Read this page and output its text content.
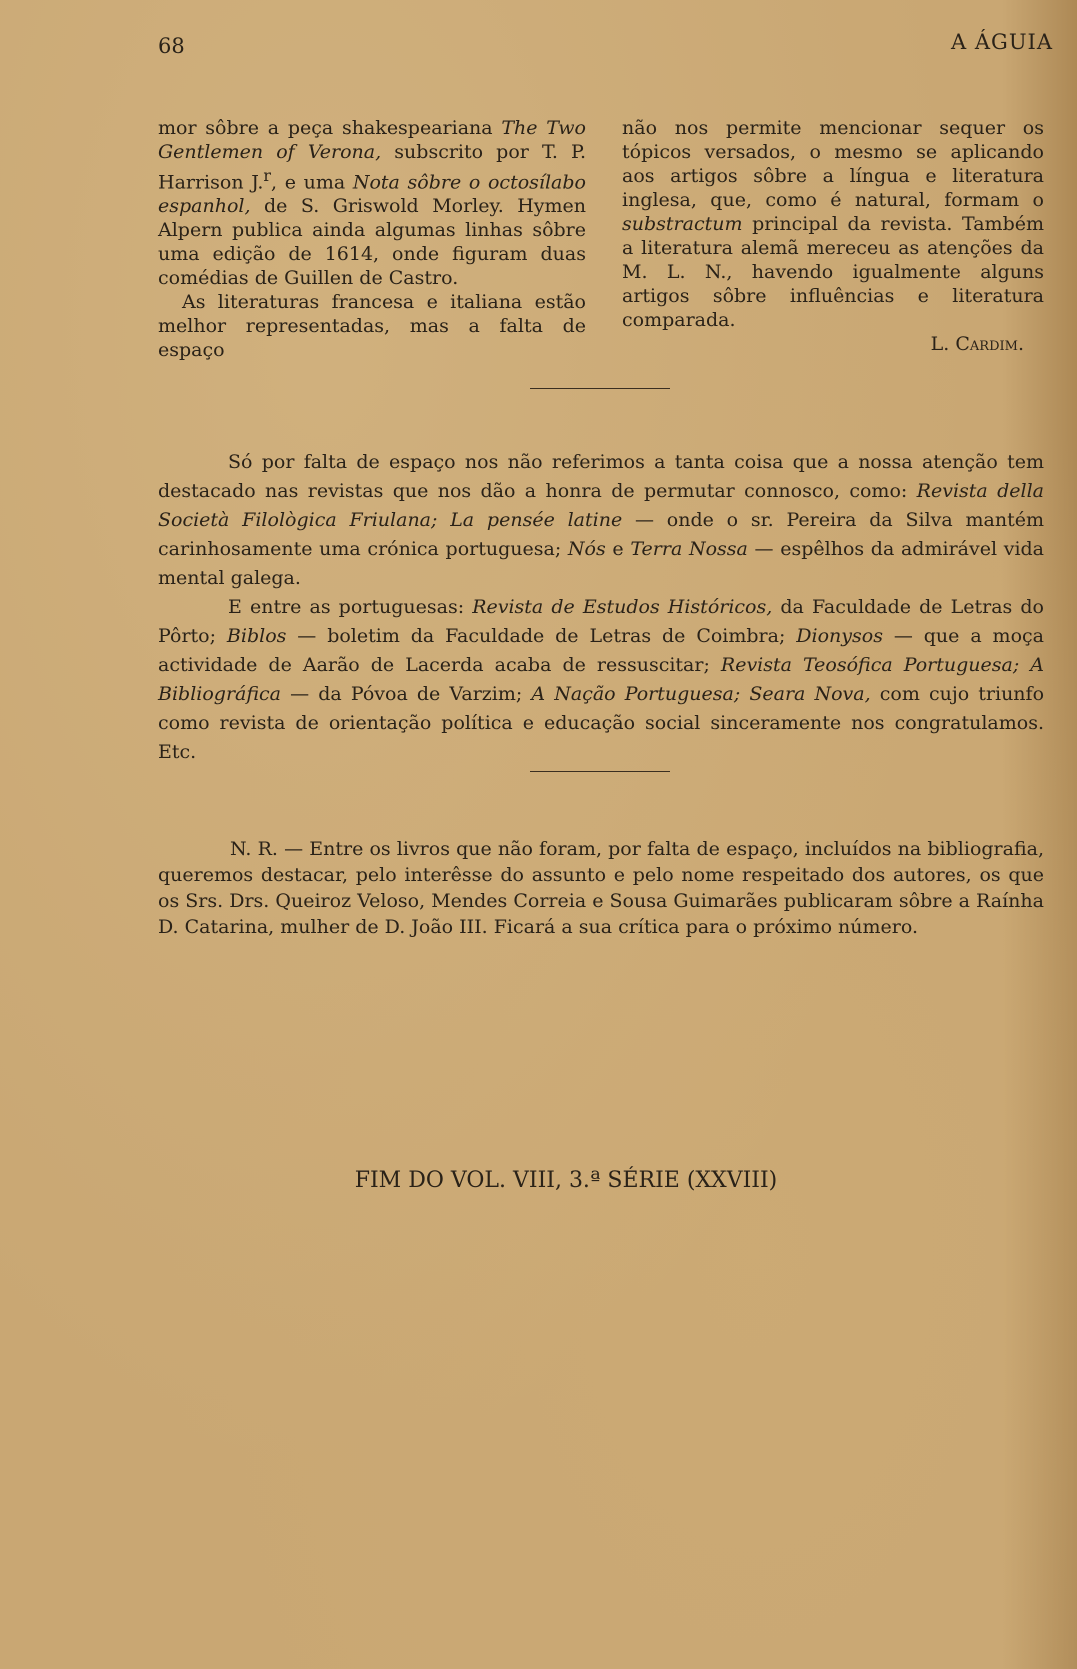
68	A ÁGUIA

mor sôbre a peça shakespeariana The Two Gentlemen of Verona, subscrito por T. P. Harrison J.$^r$, e uma Nota sôbre o octosílabo espanhol, de S. Griswold Morley. Hymen Alpern publica ainda algumas linhas sôbre uma edição de 1614, onde figuram duas comédias de Guillen de Castro.

As literaturas francesa e italiana estão melhor representadas, mas a falta de espaço

não nos permite mencionar sequer os tópicos versados, o mesmo se aplicando aos artigos sôbre a língua e literatura inglesa, que, como é natural, formam o substractum principal da revista. Também a literatura alemã mereceu as atenções da M. L. N., havendo igualmente alguns artigos sôbre influências e literatura comparada.

L. Cardim.

Só por falta de espaço nos não referimos a tanta coisa que a nossa atenção tem destacado nas revistas que nos dão a honra de permutar connosco, como: Revista della Società Filològica Friulana; La pensée latine — onde o sr. Pereira da Silva mantém carinhosamente uma crónica portuguesa; Nós e Terra Nossa — espêlhos da admirável vida mental galega.

E entre as portuguesas: Revista de Estudos Históricos, da Faculdade de Letras do Pôrto; Biblos — boletim da Faculdade de Letras de Coimbra; Dionysos — que a moça actividade de Aarão de Lacerda acaba de ressuscitar; Revista Teosófica Portuguesa; A Bibliográfica — da Póvoa de Varzim; A Nação Portuguesa; Seara Nova, com cujo triunfo como revista de orientação política e educação social sinceramente nos congratulamos. Etc.

N. R. — Entre os livros que não foram, por falta de espaço, incluídos na bibliografia, queremos destacar, pelo interêsse do assunto e pelo nome respeitado dos autores, os que os Srs. Drs. Queiroz Veloso, Mendes Correia e Sousa Guimarães publicaram sôbre a Raínha D. Catarina, mulher de D. João III. Ficará a sua crítica para o próximo número.

FIM DO VOL. VIII, 3.ª SÉRIE (XXVIII)
